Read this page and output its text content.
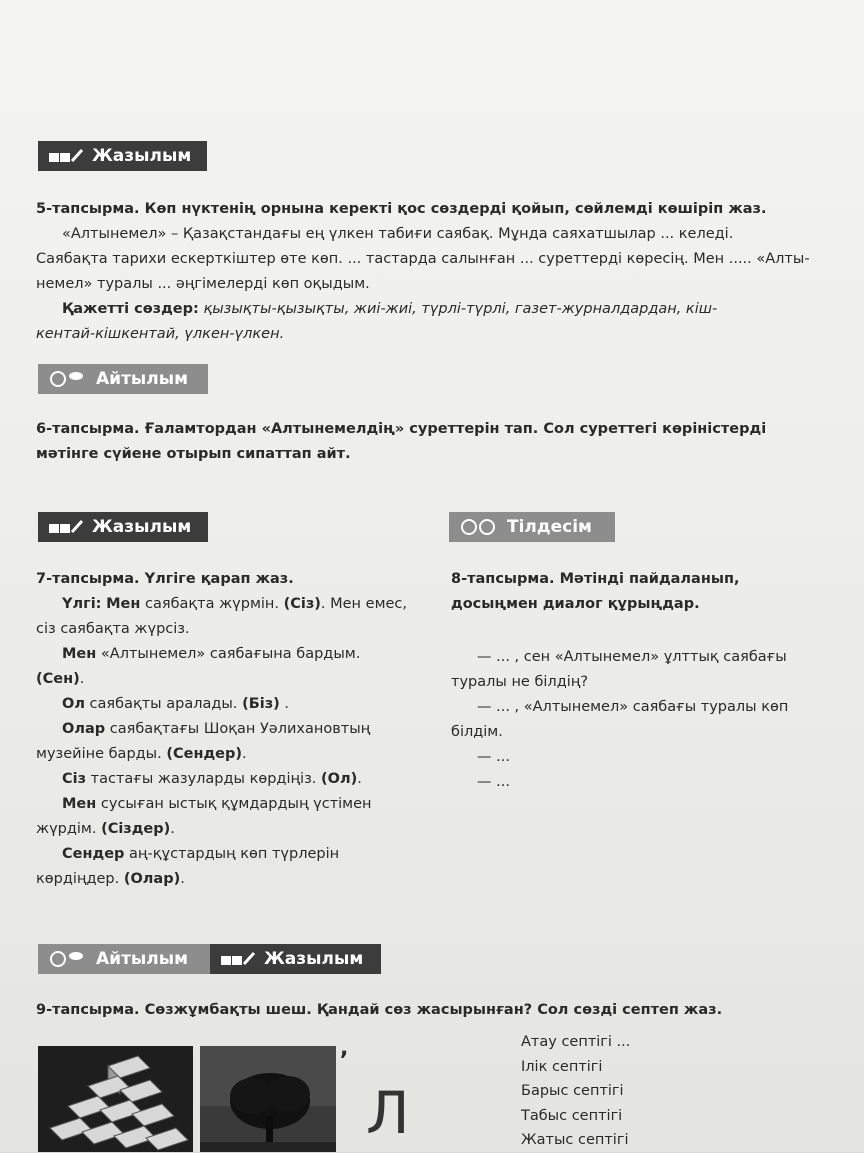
Жазылым

5-тапсырма. Көп нүктенің орнына керекті қос сөздерді қойып, сөйлемді көшіріп жаз.

«Алтынемел» – Қазақстандағы ең үлкен табиғи саябақ. Мұнда саяхатшылар ... келеді.

Саябақта тарихи ескерткіштер өте көп. ... тастарда салынған ... суреттерді көресің. Мен ..... «Алты-

немел» туралы ... әңгімелерді көп оқыдым.

Қажетті сөздер: қызықты-қызықты, жиі-жиі, түрлі-түрлі, газет-журналдардан, кіш-

кентай-кішкентай, үлкен-үлкен.

Айтылым

6-тапсырма. Ғаламтордан «Алтынемелдің» суреттерін тап. Сол суреттегі көріністерді

мәтінге сүйене отырып сипаттап айт.

Жазылым	Тілдесім

7-тапсырма. Үлгіге қарап жаз.

Үлгі: Мен саябақта жүрмін. (Сіз). Мен емес,

сіз саябақта жүрсіз.

Мен «Алтынемел» саябағына бардым.

(Сен).

Ол саябақты аралады. (Біз) .

Олар саябақтағы Шоқан Уәлихановтың

музейіне барды. (Сендер).

Сіз тастағы жазуларды көрдіңіз. (Ол).

Мен сусыған ыстық құмдардың үстімен

жүрдім. (Сіздер).

Сендер аң-құстардың көп түрлерін

көрдіңдер. (Олар).

8-тапсырма. Мәтінді пайдаланып,

досыңмен диалог құрыңдар.

— ... , сен «Алтынемел» ұлттық саябағы

туралы не білдің?

— ... , «Алтынемел» саябағы туралы көп

білдім.

— ...

— ...

Айтылым	Жазылым

9-тапсырма. Сөзжұмбақты шеш. Қандай сөз жасырынған? Сол сөзді септеп жаз.

,
Л

Атау септігі ...

Ілік септігі

Барыс септігі

Табыс септігі

Жатыс септігі
